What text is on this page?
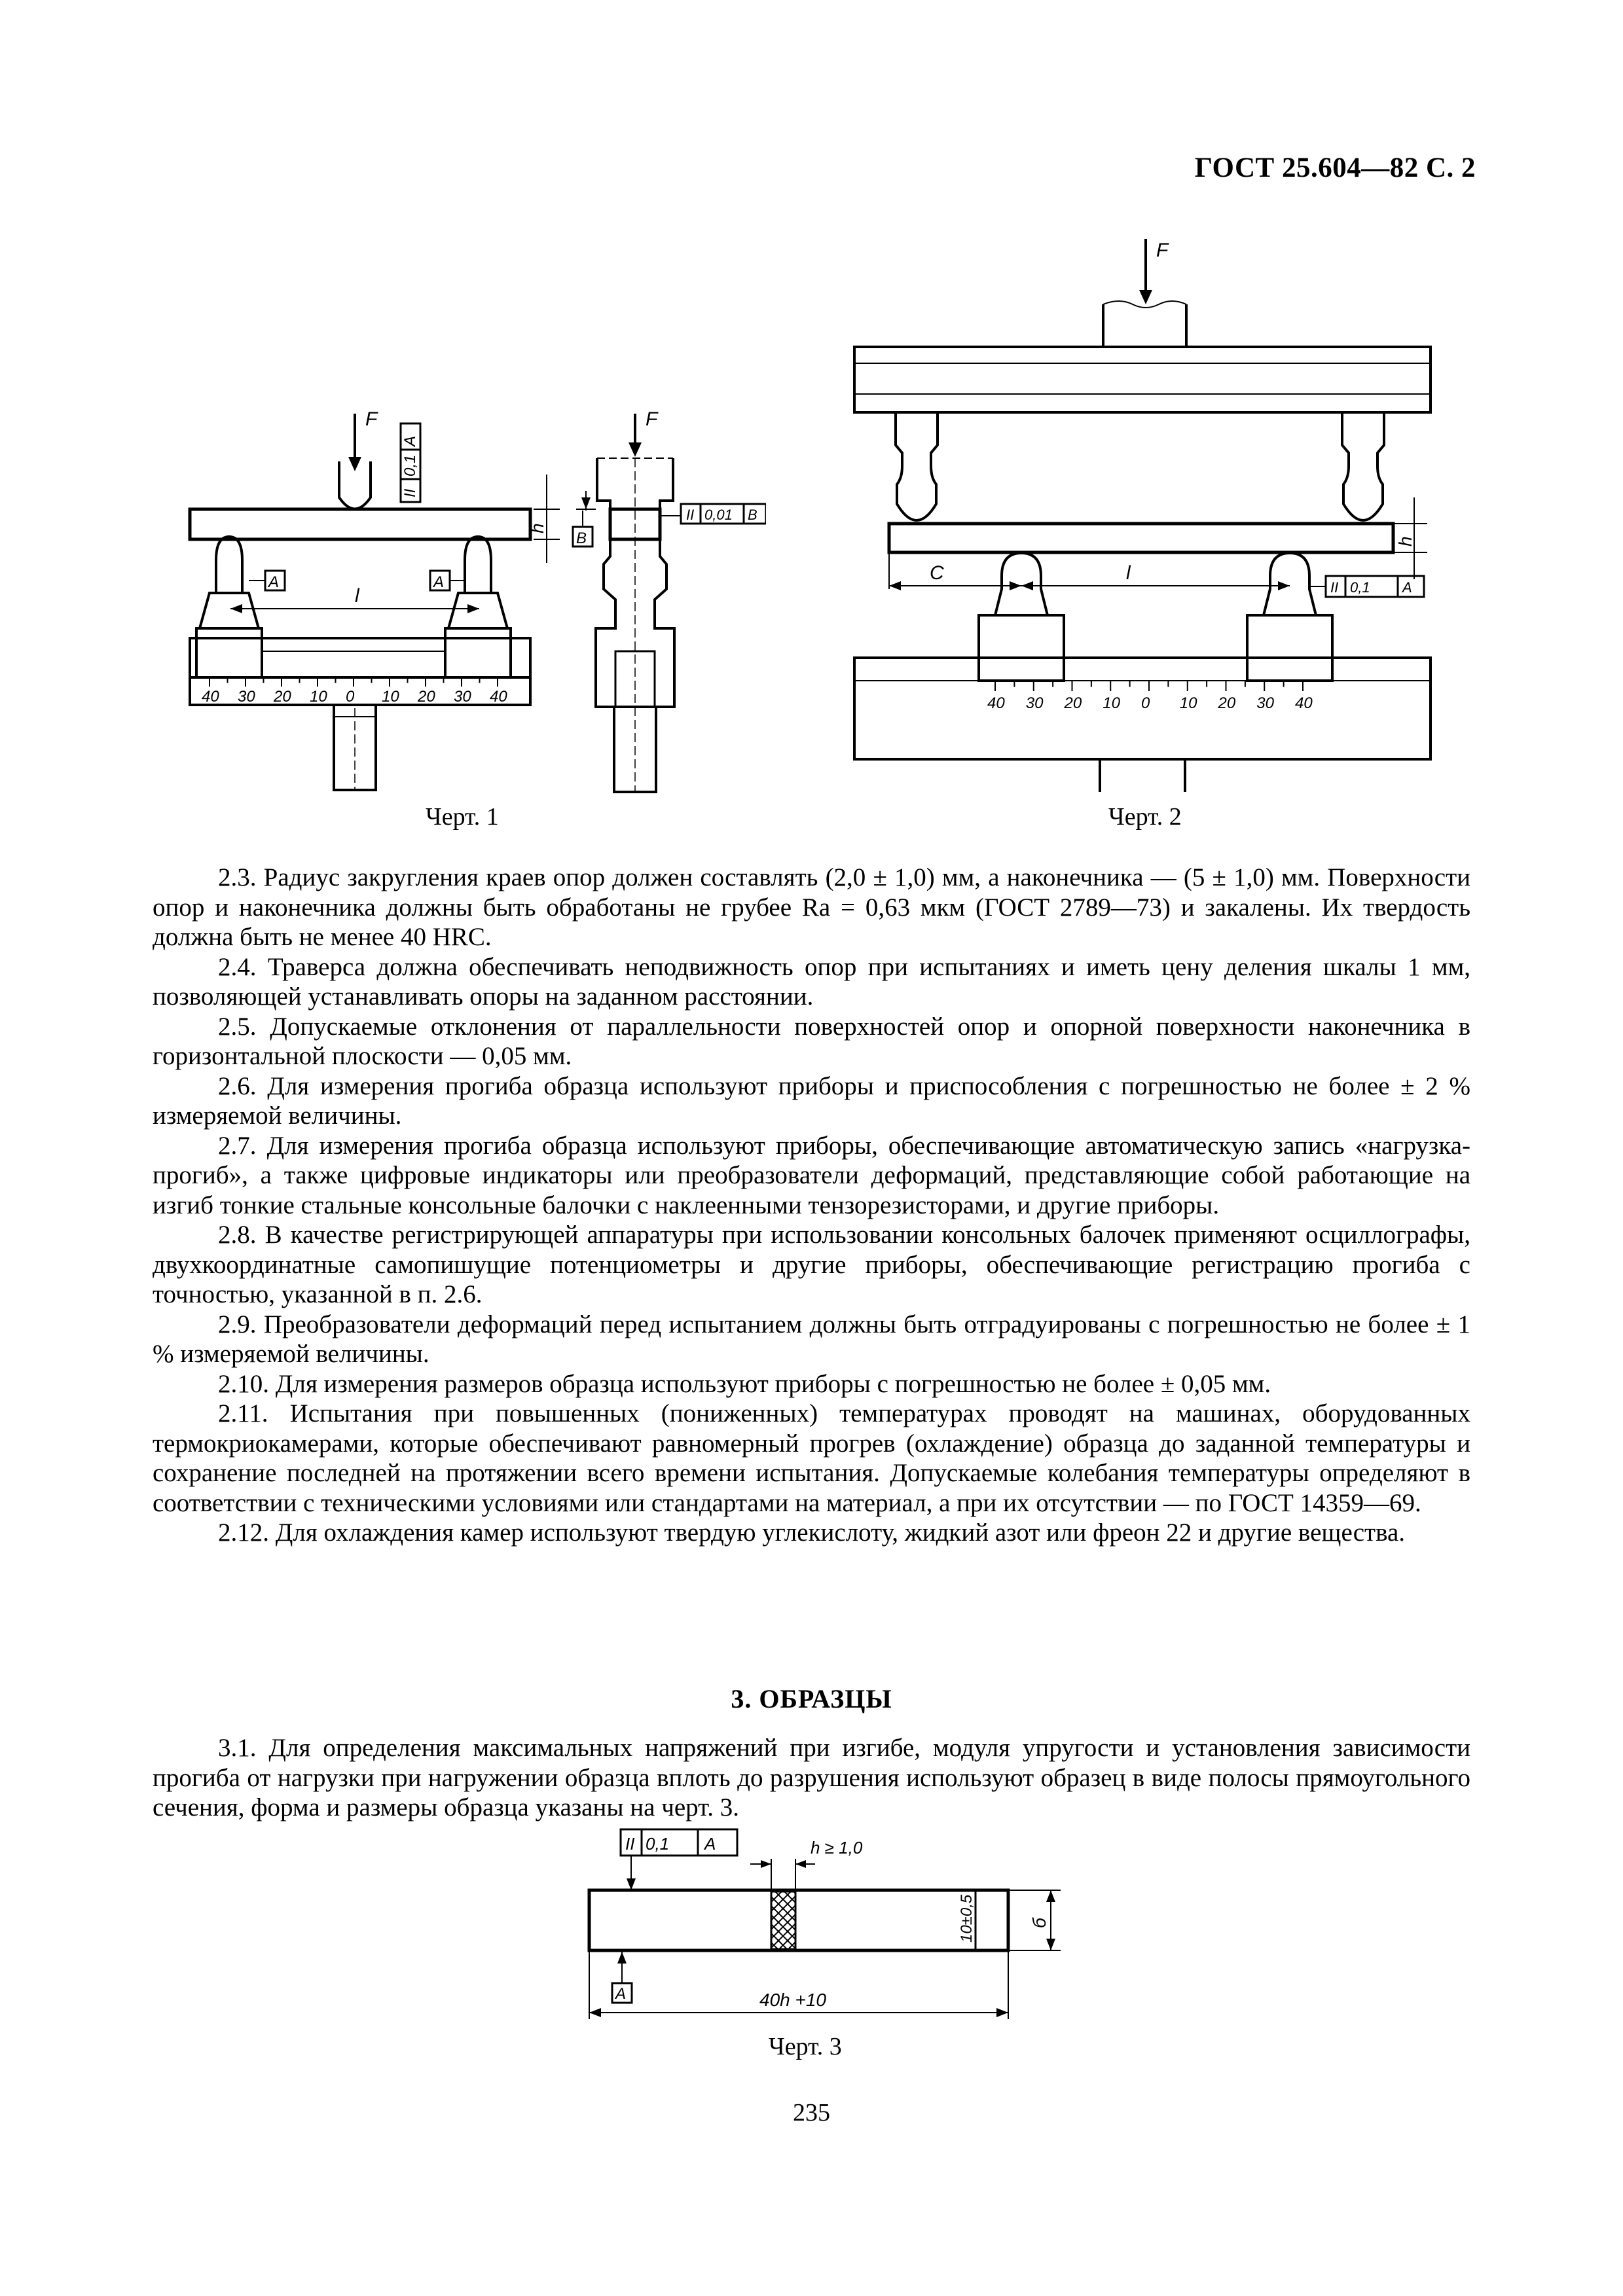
ГОСТ 25.604—82 С. 2
F
II
0,1
A
h
A	A
l
40 30 20 10 0 10 20 30 40
F
B
II 0,01 B
Черт. 1
F
h
C	l
II 0,1 A
40 30 20 10 0 10 20 30 40
Черт. 2

2.3. Радиус закругления краев опор должен составлять (2,0 ± 1,0) мм, а наконечника — (5 ± 1,0) мм. Поверхности опор и наконечника должны быть обработаны не грубее Ra = 0,63 мкм (ГОСТ 2789—73) и закалены. Их твердость должна быть не менее 40 HRC.

2.4. Траверса должна обеспечивать неподвижность опор при испытаниях и иметь цену деления шкалы 1 мм, позволяющей устанавливать опоры на заданном расстоянии.

2.5. Допускаемые отклонения от параллельности поверхностей опор и опорной поверхности наконечника в горизонтальной плоскости — 0,05 мм.

2.6. Для измерения прогиба образца используют приборы и приспособления с погрешностью не более ± 2 % измеряемой величины.

2.7. Для измерения прогиба образца используют приборы, обеспечивающие автоматическую запись «нагрузка-прогиб», а также цифровые индикаторы или преобразователи деформаций, представляющие собой работающие на изгиб тонкие стальные консольные балочки с наклеенными тензорезисторами, и другие приборы.

2.8. В качестве регистрирующей аппаратуры при использовании консольных балочек применяют осциллографы, двухкоординатные самопишущие потенциометры и другие приборы, обеспечивающие регистрацию прогиба с точностью, указанной в п. 2.6.

2.9. Преобразователи деформаций перед испытанием должны быть отградуированы с погрешностью не более ± 1 % измеряемой величины.

2.10. Для измерения размеров образца используют приборы с погрешностью не более ± 0,05 мм.

2.11. Испытания при повышенных (пониженных) температурах проводят на машинах, оборудованных термокриокамерами, которые обеспечивают равномерный прогрев (охлаждение) образца до заданной температуры и сохранение последней на протяжении всего времени испытания. Допускаемые колебания температуры определяют в соответствии с техническими условиями или стандартами на материал, а при их отсутствии — по ГОСТ 14359—69.

2.12. Для охлаждения камер используют твердую углекислоту, жидкий азот или фреон 22 и другие вещества.

3. ОБРАЗЦЫ

3.1. Для определения максимальных напряжений при изгибе, модуля упругости и установления зависимости прогиба от нагрузки при нагружении образца вплоть до разрушения используют образец в виде полосы прямоугольного сечения, форма и размеры образца указаны на черт. 3.

II 0,1 A	h ≥ 1,0
10±0,5	б
A	40h +10
Черт. 3
235
